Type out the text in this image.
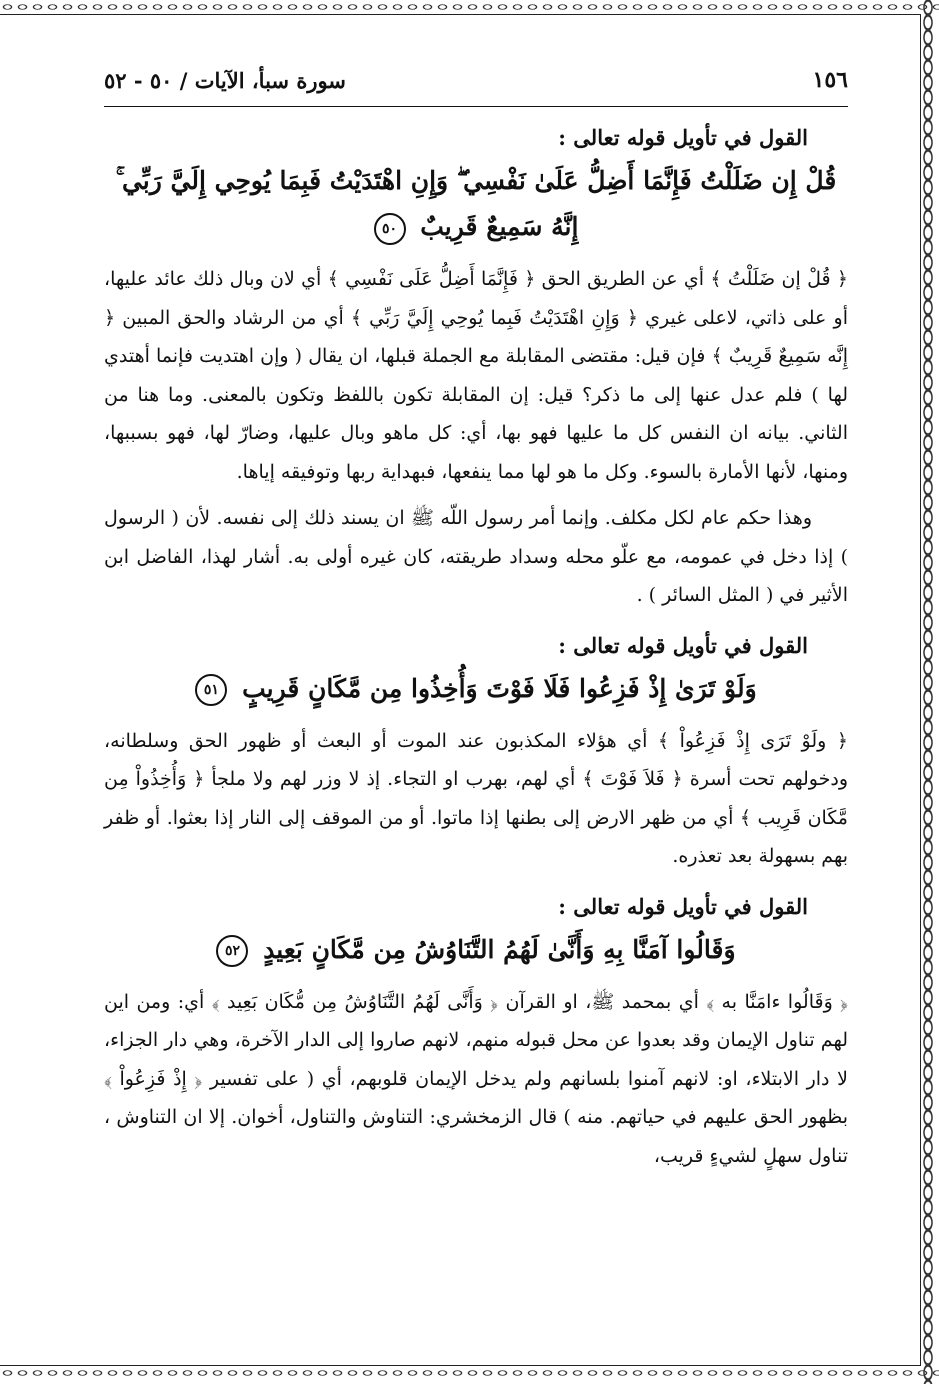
١٥٦
سورة سبأ، الآيات / ٥٠ - ٥٢
القول في تأويل قوله تعالى :
قُلْ إِن ضَلَلْتُ فَإِنَّمَا أَضِلُّ عَلَىٰ نَفْسِي ۖ وَإِنِ اهْتَدَيْتُ فَبِمَا يُوحِي إِلَيَّ رَبِّي ۚ إِنَّهُ سَمِيعٌ قَرِيبٌ ٥٠

﴿ قُلْ إن ضَلَلْتُ ﴾ أي عن الطريق الحق ﴿ فَإِنَّمَا أَضِلُّ عَلَى نَفْسِي ﴾ أي لان وبال ذلك عائد عليها، أو على ذاتي، لاعلى غيري ﴿ وَإِنِ اهْتَدَيْتُ فَبِما يُوحِي إِلَيَّ رَبِّي ﴾ أي من الرشاد والحق المبين ﴿ إِنَّه سَمِيعٌ قَرِيبٌ ﴾ فإن قيل: مقتضى المقابلة مع الجملة قبلها، ان يقال ( وإن اهتديت فإنما أهتدي لها ) فلم عدل عنها إلى ما ذكر؟ قيل: إن المقابلة تكون باللفظ وتكون بالمعنى. وما هنا من الثاني. بيانه ان النفس كل ما عليها فهو بها، أي: كل ماهو وبال عليها، وضارّ لها، فهو بسببها، ومنها، لأنها الأمارة بالسوء. وكل ما هو لها مما ينفعها، فبهداية ربها وتوفيقه إياها.

وهذا حكم عام لكل مكلف. وإنما أمر رسول اللّه ﷺ ان يسند ذلك إلى نفسه. لأن ( الرسول ) إذا دخل في عمومه، مع علّو محله وسداد طريقته، كان غيره أولى به. أشار لهذا، الفاضل ابن الأثير في ( المثل السائر ) .

القول في تأويل قوله تعالى :
وَلَوْ تَرَىٰ إِذْ فَزِعُوا فَلَا فَوْتَ وَأُخِذُوا مِن مَّكَانٍ قَرِيبٍ ٥١

﴿ ولَوْ تَرَى إِذْ فَزِعُواْ ﴾ أي هؤلاء المكذبون عند الموت أو البعث أو ظهور الحق وسلطانه، ودخولهم تحت أسرة ﴿ فَلاَ فَوْتَ ﴾ أي لهم، بهرب او التجاء. إذ لا وزر لهم ولا ملجأ ﴿ وَأُخِذُواْ مِن مَّكَان قَرِيب ﴾ أي من ظهر الارض إلى بطنها إذا ماتوا. أو من الموقف إلى النار إذا بعثوا. أو ظفر بهم بسهولة بعد تعذره.

القول في تأويل قوله تعالى :
وَقَالُوا آمَنَّا بِهِ وَأَنَّىٰ لَهُمُ التَّنَاوُشُ مِن مَّكَانٍ بَعِيدٍ ٥٢

﴿ وَقَالُوا ءامَنَّا به ﴾ أي بمحمد ﷺ، او القرآن ﴿ وَأَنَّى لَهُمُ التَّنَاوُشُ مِن مُّكَان بَعِيد ﴾ أي: ومن اين لهم تناول الإيمان وقد بعدوا عن محل قبوله منهم، لانهم صاروا إلى الدار الآخرة، وهي دار الجزاء، لا دار الابتلاء، او: لانهم آمنوا بلسانهم ولم يدخل الإيمان قلوبهم، أي ( على تفسير ﴿ إِذْ فَزِعُواْ ﴾ بظهور الحق عليهم في حياتهم. منه ) قال الزمخشري: التناوش والتناول، أخوان. إلا ان التناوش ، تناول سهلٍ لشيءٍ قريب،
